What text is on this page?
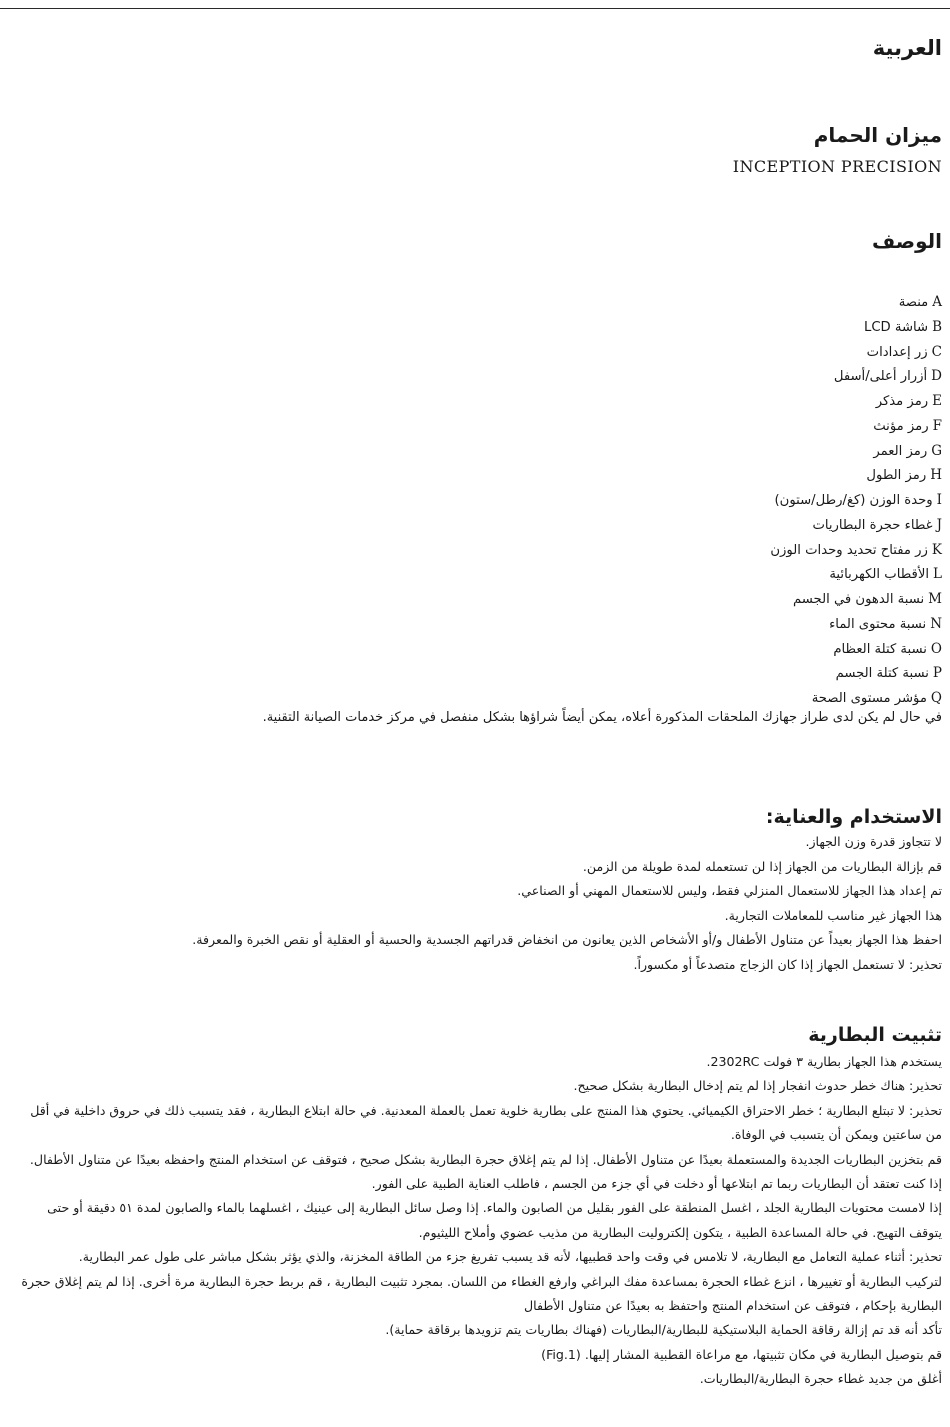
العربية
ميزان الحمام
INCEPTION PRECISION
الوصف
Aمنصة
Bشاشة LCD
Cزر إعدادات
Dأزرار أعلى/أسفل
Eرمز مذكر
Fرمز مؤنث
Gرمز العمر
Hرمز الطول
Iوحدة الوزن (كغ/رطل/ستون)
Jغطاء حجرة البطاريات
Kزر مفتاح تحديد وحدات الوزن
Lالأقطاب الكهربائية
Mنسبة الدهون في الجسم
Nنسبة محتوى الماء
Oنسبة كتلة العظام
Pنسبة كتلة الجسم
Qمؤشر مستوى الصحة

في حال لم يكن لدى طراز جهازك الملحقات المذكورة أعلاه، يمكن أيضاً شراؤها بشكل منفصل في مركز خدمات الصيانة التقنية.

الاستخدام والعناية:

لا تتجاوز قدرة وزن الجهاز.

قم بإزالة البطاريات من الجهاز إذا لن تستعمله لمدة طويلة من الزمن.

تم إعداد هذا الجهاز للاستعمال المنزلي فقط، وليس للاستعمال المهني أو الصناعي.

هذا الجهاز غير مناسب للمعاملات التجارية.

احفظ هذا الجهاز بعيداً عن متناول الأطفال و/أو الأشخاص الذين يعانون من انخفاض قدراتهم الجسدية والحسية أو العقلية أو نقص الخبرة والمعرفة.

تحذير: لا تستعمل الجهاز إذا كان الزجاج متصدعاً أو مكسوراً.

تثبيت البطارية

يستخدم هذا الجهاز بطارية ٣ فولت 2302RC.

تحذير: هناك خطر حدوث انفجار إذا لم يتم إدخال البطارية بشكل صحيح.

تحذير: لا تبتلع البطارية ؛ خطر الاحتراق الكيميائي. يحتوي هذا المنتج على بطارية خلوية تعمل بالعملة المعدنية. في حالة ابتلاع البطارية ، فقد يتسبب ذلك في حروق داخلية في أقل من ساعتين ويمكن أن يتسبب في الوفاة.

قم بتخزين البطاريات الجديدة والمستعملة بعيدًا عن متناول الأطفال. إذا لم يتم إغلاق حجرة البطارية بشكل صحيح ، فتوقف عن استخدام المنتج واحفظه بعيدًا عن متناول الأطفال.

إذا كنت تعتقد أن البطاريات ربما تم ابتلاعها أو دخلت في أي جزء من الجسم ، فاطلب العناية الطبية على الفور.

إذا لامست محتويات البطارية الجلد ، اغسل المنطقة على الفور بقليل من الصابون والماء. إذا وصل سائل البطارية إلى عينيك ، اغسلهما بالماء والصابون لمدة ٥١ دقيقة أو حتى يتوقف التهيج. في حالة المساعدة الطبية ، يتكون إلكتروليت البطارية من مذيب عضوي وأملاح الليثيوم.

تحذير: أثناء عملية التعامل مع البطارية، لا تلامس في وقت واحد قطبيها، لأنه قد يسبب تفريغ جزء من الطاقة المخزنة، والذي يؤثر بشكل مباشر على طول عمر البطارية.

لتركيب البطارية أو تغييرها ، انزع غطاء الحجرة بمساعدة مفك البراغي وارفع الغطاء من اللسان. بمجرد تثبيت البطارية ، قم بربط حجرة البطارية مرة أخرى. إذا لم يتم إغلاق حجرة البطارية بإحكام ، فتوقف عن استخدام المنتج واحتفظ به بعيدًا عن متناول الأطفال

تأكد أنه قد تم إزالة رقاقة الحماية البلاستيكية للبطارية/البطاريات (فهناك بطاريات يتم تزويدها برقاقة حماية).

قم بتوصيل البطارية في مكان تثبيتها، مع مراعاة القطبية المشار إليها. (Fig.1)

أغلق من جديد غطاء حجرة البطارية/البطاريات.
